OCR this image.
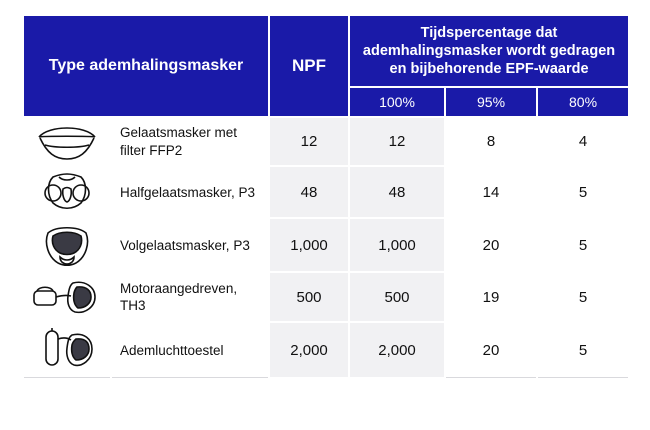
Type ademhalingsmasker		NPF	Tijdspercentage dat ademhalingsmasker wordt gedragen en bijbehorende EPF-waarde		
			100%	95%	80%

	Gelaatsmasker met filter FFP2	12	12	8	4

	Halfgelaatsmasker, P3	48	48	14	5

	Volgelaatsmasker, P3	1,000	1,000	20	5

	Motoraangedreven, TH3	500	500	19	5

	Ademluchttoestel	2,000	2,000	20	5
